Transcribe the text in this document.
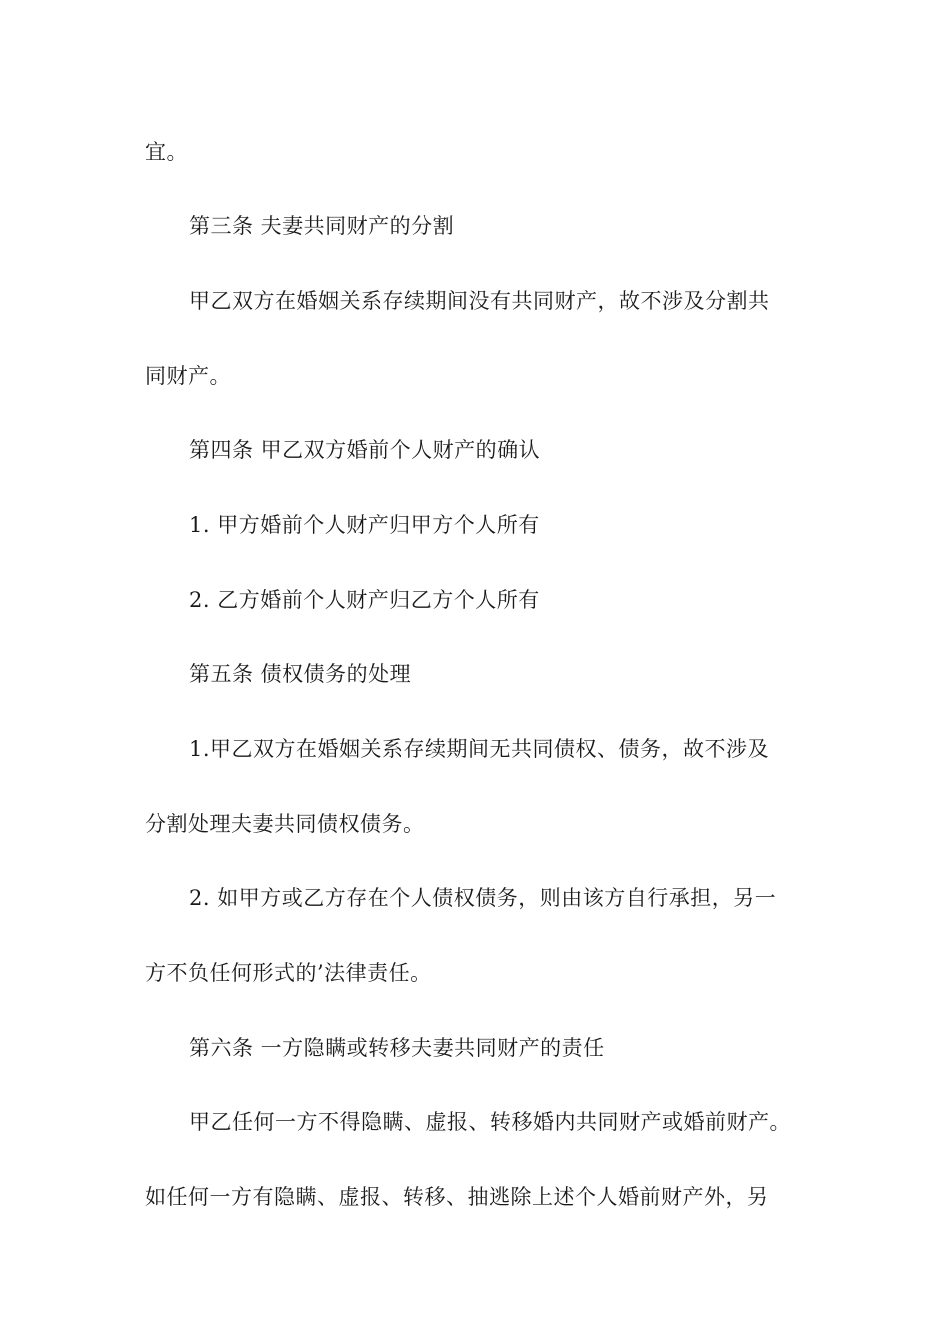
宜。
第三条 夫妻共同财产的分割
甲乙双方在婚姻关系存续期间没有共同财产，故不涉及分割共
同财产。
第四条 甲乙双方婚前个人财产的确认
1. 甲方婚前个人财产归甲方个人所有
2. 乙方婚前个人财产归乙方个人所有
第五条 债权债务的处理
1.甲乙双方在婚姻关系存续期间无共同债权、债务，故不涉及
分割处理夫妻共同债权债务。
2. 如甲方或乙方存在个人债权债务，则由该方自行承担，另一
方不负任何形式的’法律责任。
第六条 一方隐瞒或转移夫妻共同财产的责任
甲乙任何一方不得隐瞒、虚报、转移婚内共同财产或婚前财产。
如任何一方有隐瞒、虚报、转移、抽逃除上述个人婚前财产外，另
